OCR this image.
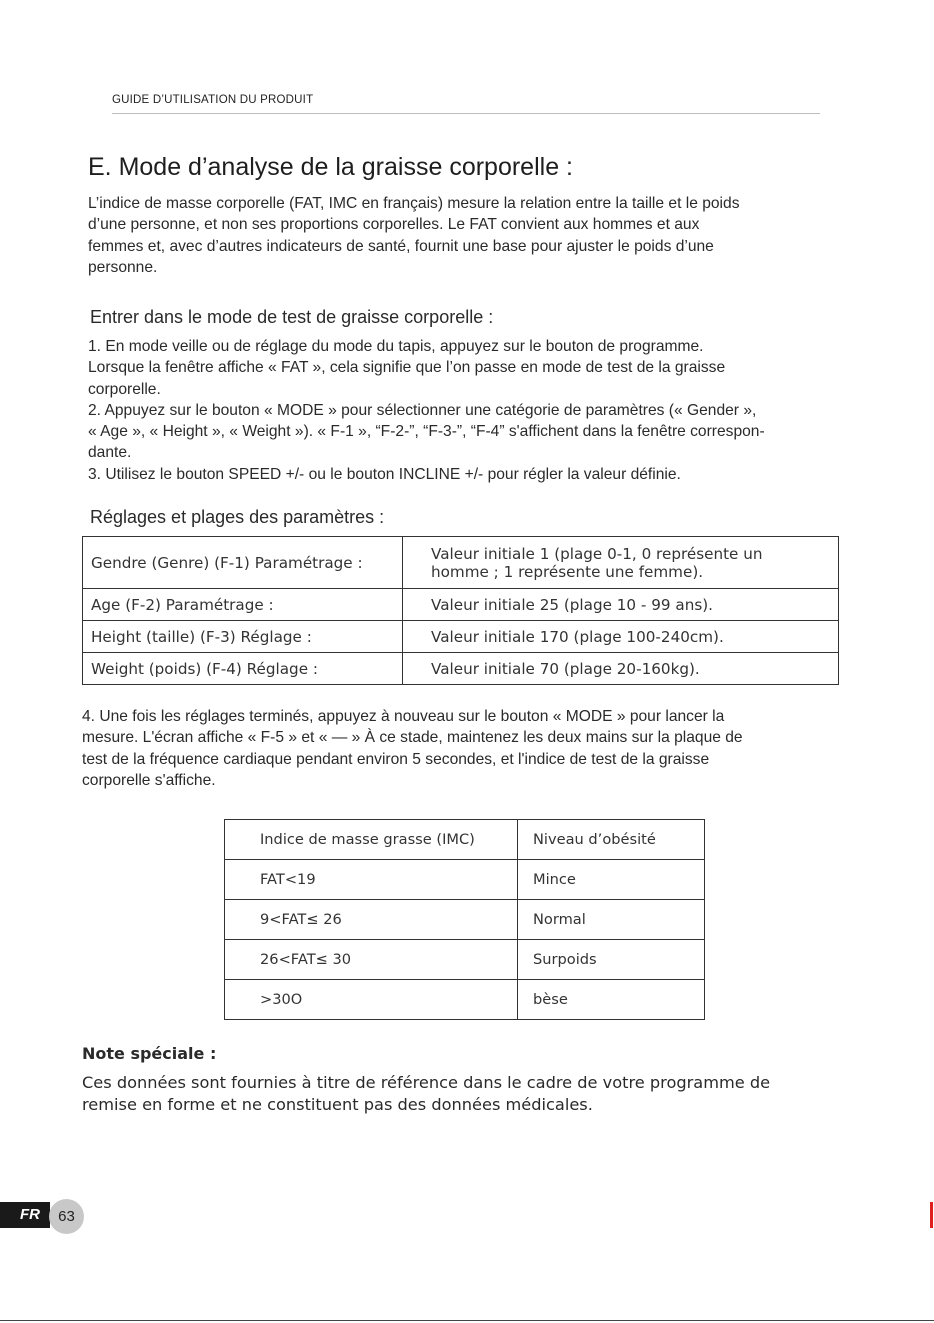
GUIDE D’UTILISATION DU PRODUIT
E. Mode d’analyse de la graisse corporelle :

L’indice de masse corporelle (FAT, IMC en français) mesure la relation entre la taille et le poids

d’une personne, et non ses proportions corporelles. Le FAT convient aux hommes et aux

femmes et, avec d’autres indicateurs de santé, fournit une base pour ajuster le poids d’une

personne.

Entrer dans le mode de test de graisse corporelle :

1. En mode veille ou de réglage du mode du tapis, appuyez sur le bouton de programme.

Lorsque la fenêtre affiche « FAT », cela signifie que l’on passe en mode de test de la graisse

corporelle.

2. Appuyez sur le bouton « MODE » pour sélectionner une catégorie de paramètres (« Gender »,

« Age », « Height », « Weight »). « F-1 », “F-2-”, “F-3-”, “F-4” s'affichent dans la fenêtre correspon-

dante.

3. Utilisez le bouton SPEED +/- ou le bouton INCLINE +/- pour régler la valeur définie.

Réglages et plages des paramètres :
Gendre (Genre) (F-1) Paramétrage :	Valeur initiale 1 (plage 0-1, 0 représente un
homme ; 1 représente une femme).

Age (F-2) Paramétrage :	Valeur initiale 25 (plage 10 - 99 ans).
Height (taille) (F-3) Réglage :	Valeur initiale 170 (plage 100-240cm).
Weight (poids) (F-4) Réglage :	Valeur initiale 70 (plage 20-160kg).

4. Une fois les réglages terminés, appuyez à nouveau sur le bouton « MODE » pour lancer la

mesure. L'écran affiche « F-5 » et « — » À ce stade, maintenez les deux mains sur la plaque de

test de la fréquence cardiaque pendant environ 5 secondes, et l'indice de test de la graisse

corporelle s'affiche.

Indice de masse grasse (IMC)	Niveau d’obésité
FAT<19	Mince
9<FAT≤ 26	Normal
26<FAT≤ 30	Surpoids
>30O	bèse
Note spéciale :

Ces données sont fournies à titre de référence dans le cadre de votre programme de

remise en forme et ne constituent pas des données médicales.

FR	63
